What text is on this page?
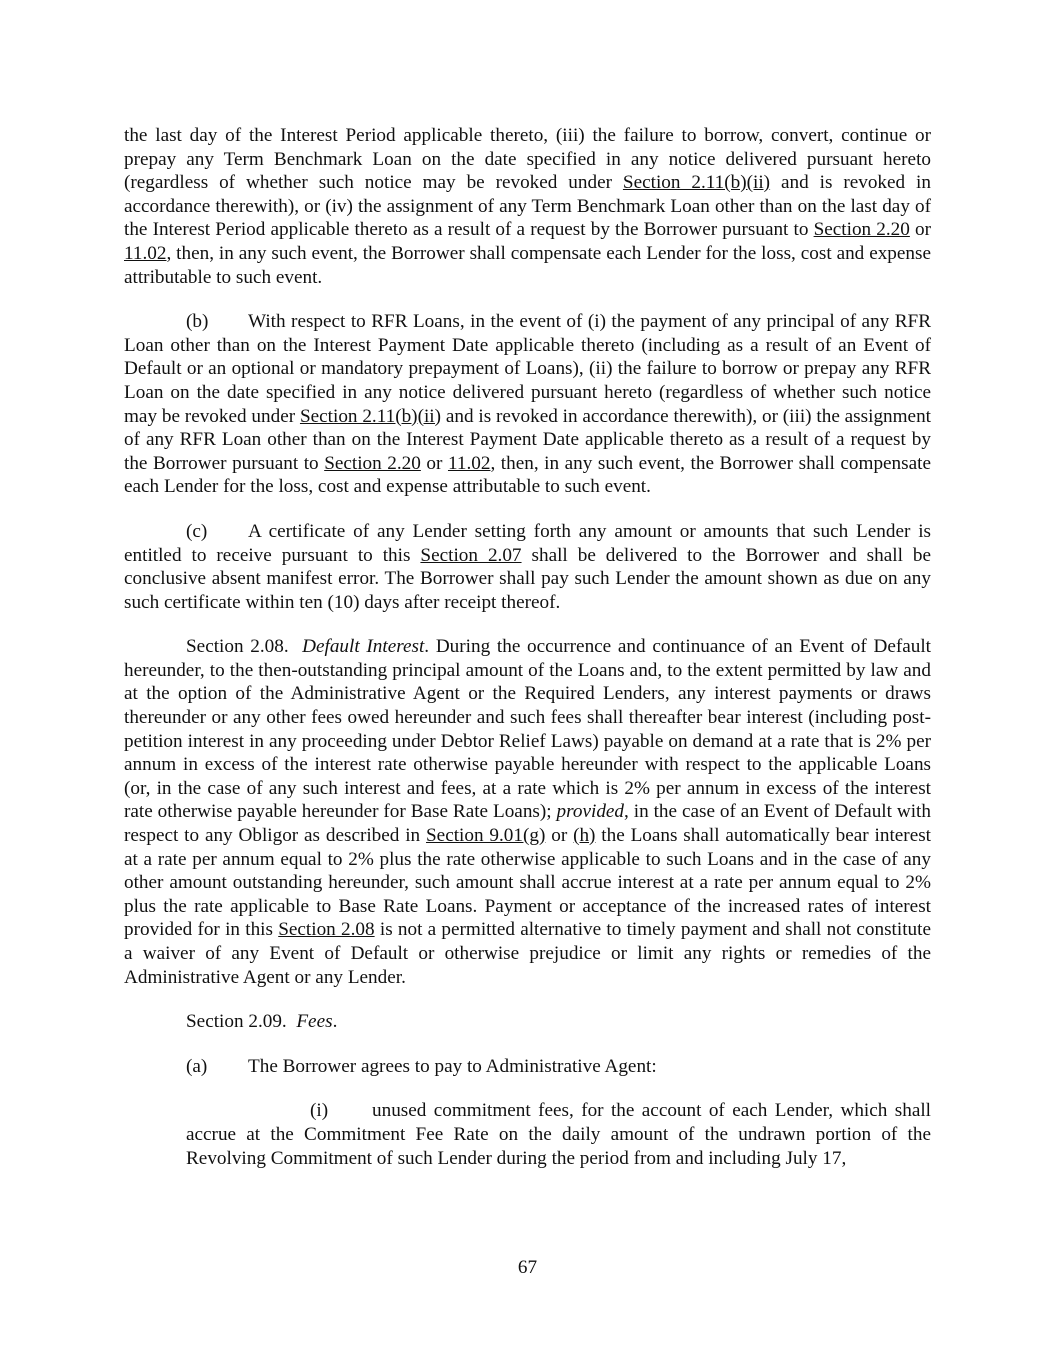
the last day of the Interest Period applicable thereto, (iii) the failure to borrow, convert, continue or prepay any Term Benchmark Loan on the date specified in any notice delivered pursuant hereto (regardless of whether such notice may be revoked under Section 2.11(b)(ii) and is revoked in accordance therewith), or (iv) the assignment of any Term Benchmark Loan other than on the last day of the Interest Period applicable thereto as a result of a request by the Borrower pursuant to Section 2.20 or 11.02, then, in any such event, the Borrower shall compensate each Lender for the loss, cost and expense attributable to such event.

(b) With respect to RFR Loans, in the event of (i) the payment of any principal of any RFR Loan other than on the Interest Payment Date applicable thereto (including as a result of an Event of Default or an optional or mandatory prepayment of Loans), (ii) the failure to borrow or prepay any RFR Loan on the date specified in any notice delivered pursuant hereto (regardless of whether such notice may be revoked under Section 2.11(b)(ii) and is revoked in accordance therewith), or (iii) the assignment of any RFR Loan other than on the Interest Payment Date applicable thereto as a result of a request by the Borrower pursuant to Section 2.20 or 11.02, then, in any such event, the Borrower shall compensate each Lender for the loss, cost and expense attributable to such event.

(c) A certificate of any Lender setting forth any amount or amounts that such Lender is entitled to receive pursuant to this Section 2.07 shall be delivered to the Borrower and shall be conclusive absent manifest error. The Borrower shall pay such Lender the amount shown as due on any such certificate within ten (10) days after receipt thereof.

Section 2.08. Default Interest. During the occurrence and continuance of an Event of Default hereunder, to the then-outstanding principal amount of the Loans and, to the extent permitted by law and at the option of the Administrative Agent or the Required Lenders, any interest payments or draws thereunder or any other fees owed hereunder and such fees shall thereafter bear interest (including post-petition interest in any proceeding under Debtor Relief Laws) payable on demand at a rate that is 2% per annum in excess of the interest rate otherwise payable hereunder with respect to the applicable Loans (or, in the case of any such interest and fees, at a rate which is 2% per annum in excess of the interest rate otherwise payable hereunder for Base Rate Loans); provided, in the case of an Event of Default with respect to any Obligor as described in Section 9.01(g) or (h) the Loans shall automatically bear interest at a rate per annum equal to 2% plus the rate otherwise applicable to such Loans and in the case of any other amount outstanding hereunder, such amount shall accrue interest at a rate per annum equal to 2% plus the rate applicable to Base Rate Loans. Payment or acceptance of the increased rates of interest provided for in this Section 2.08 is not a permitted alternative to timely payment and shall not constitute a waiver of any Event of Default or otherwise prejudice or limit any rights or remedies of the Administrative Agent or any Lender.

Section 2.09. Fees.

(a) The Borrower agrees to pay to Administrative Agent:

(i) unused commitment fees, for the account of each Lender, which shall accrue at the Commitment Fee Rate on the daily amount of the undrawn portion of the Revolving Commitment of such Lender during the period from and including July 17,

67
